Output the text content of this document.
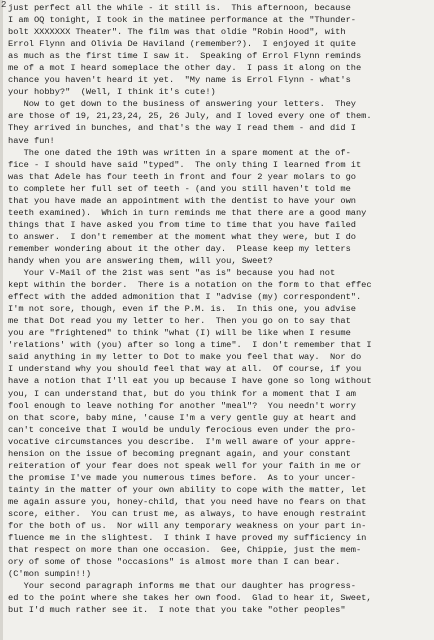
2 just perfect all the while - it still is.  This afternoon, because
I am OQ tonight, I took in the matinee performance at the "Thunder-
bolt XXXXXXX Theater". The film was that oldie "Robin Hood", with
Errol Flynn and Olivia De Haviland (remember?).  I enjoyed it quite
as much as the first time I saw it.  Speaking of Errol Flynn reminds
me of a mot I heard someplace the other day.  I pass it along on the
chance you haven't heard it yet.  "My name is Errol Flynn - what's
your hobby?"  (Well, I think it's cute!)
Now to get down to the business of answering your letters.  They
are those of 19, 21,23,24, 25, 26 July, and I loved every one of them.
They arrived in bunches, and that's the way I read them - and did I
have fun!
The one dated the 19th was written in a spare moment at the of-
fice - I should have said "typed".  The only thing I learned from it
was that Adele has four teeth in front and four 2 year molars to go
to complete her full set of teeth - (and you still haven't told me
that you have made an appointment with the dentist to have your own
teeth examined).  Which in turn reminds me that there are a good many
things that I have asked you from time to time that you have failed
to answer.  I don't remember at the moment what they were, but I do
remember wondering about it the other day.  Please keep my letters
handy when you are answering them, will you, Sweet?
Your V-Mail of the 21st was sent "as is" because you had not
kept within the border.  There is a notation on the form to that effec
effect with the added admonition that I "advise (my) correspondent".
I'm not sore, though, even if the P.M. is.  In this one, you advise
me that Dot read you my letter to her.  Then you go on to say that
you are "frightened" to think "what (I) will be like when I resume
'relations' with (you) after so long a time".  I don't remember that I
said anything in my letter to Dot to make you feel that way.  Nor do
I understand why you should feel that way at all.  Of course, if you
have a notion that I'll eat you up because I have gone so long without
you, I can understand that, but do you think for a moment that I am
fool enough to leave nothing for another "meal"?  You needn't worry
on that score, baby mine, 'cause I'm a very gentle guy at heart and
can't conceive that I would be unduly ferocious even under the pro-
vocative circumstances you describe.  I'm well aware of your appre-
hension on the issue of becoming pregnant again, and your constant
reiteration of your fear does not speak well for your faith in me or
the promise I've made you numerous times before.  As to your uncer-
tainty in the matter of your own ability to cope with the matter, let
me again assure you, honey-child, that you need have no fears on that
score, either.  You can trust me, as always, to have enough restraint
for the both of us.  Nor will any temporary weakness on your part in-
fluence me in the slightest.  I think I have proved my sufficiency in
that respect on more than one occasion.  Gee, Chippie, just the mem-
ory of some of those "occasions" is almost more than I can bear.
(C'mon sumpin!!)
Your second paragraph informs me that our daughter has progress-
ed to the point where she takes her own food.  Glad to hear it, Sweet,
but I'd much rather see it.  I note that you take "other peoples"
